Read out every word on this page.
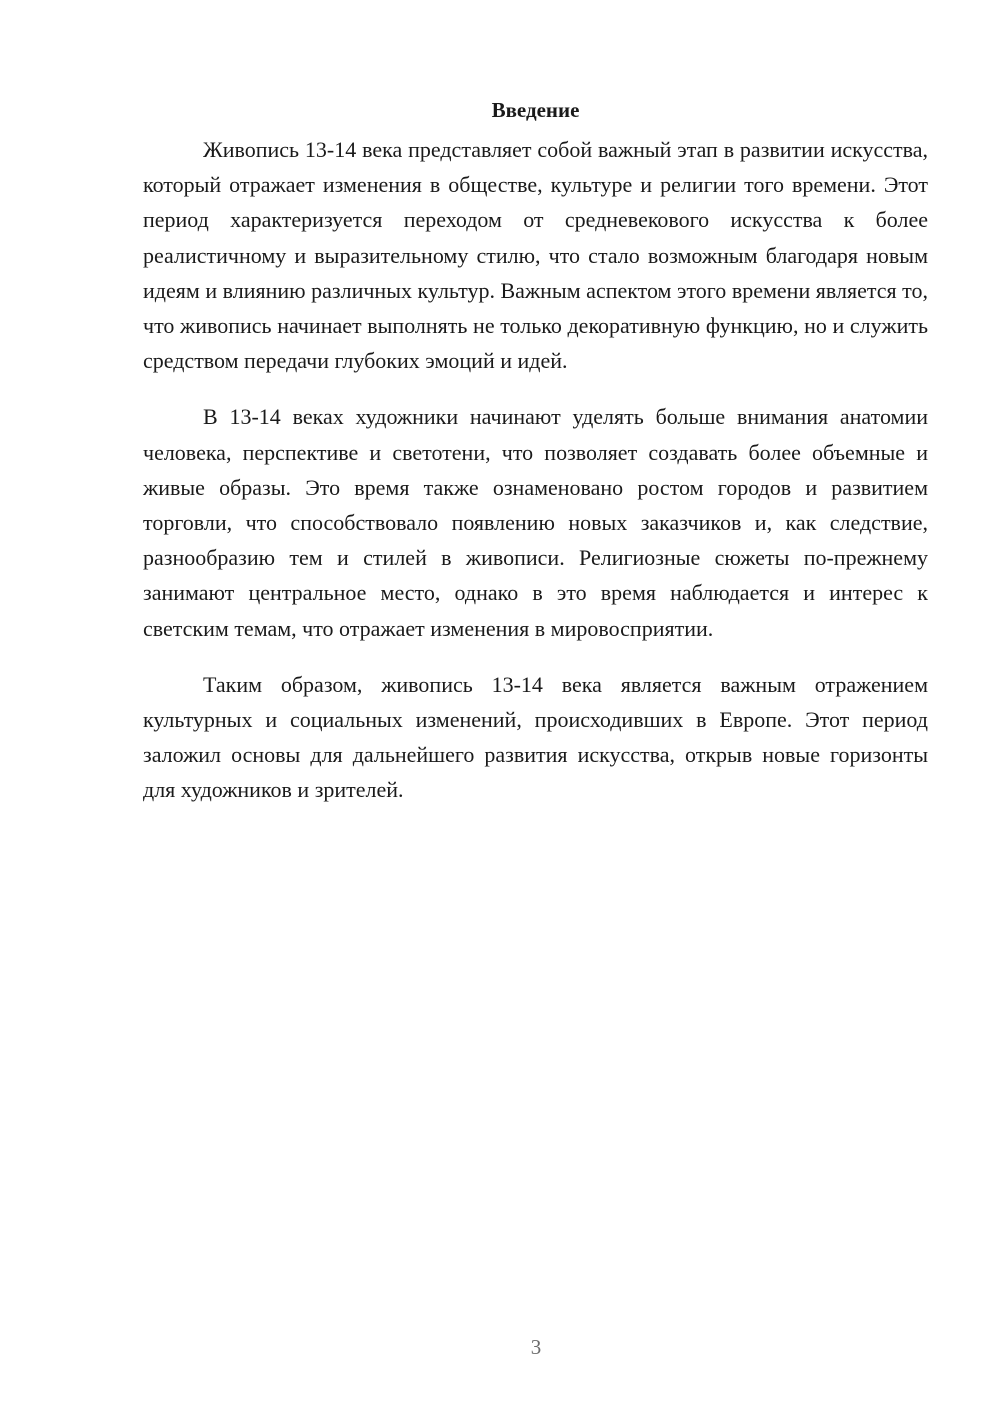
Введение

Живопись 13-14 века представляет собой важный этап в развитии искусства, который отражает изменения в обществе, культуре и религии того времени. Этот период характеризуется переходом от средневекового искусства к более реалистичному и выразительному стилю, что стало возможным благодаря новым идеям и влиянию различных культур. Важным аспектом этого времени является то, что живопись начинает выполнять не только декоративную функцию, но и служить средством передачи глубоких эмоций и идей.

В 13-14 веках художники начинают уделять больше внимания анатомии человека, перспективе и светотени, что позволяет создавать более объемные и живые образы. Это время также ознаменовано ростом городов и развитием торговли, что способствовало появлению новых заказчиков и, как следствие, разнообразию тем и стилей в живописи. Религиозные сюжеты по-прежнему занимают центральное место, однако в это время наблюдается и интерес к светским темам, что отражает изменения в мировосприятии.

Таким образом, живопись 13-14 века является важным отражением культурных и социальных изменений, происходивших в Европе. Этот период заложил основы для дальнейшего развития искусства, открыв новые горизонты для художников и зрителей.

3
